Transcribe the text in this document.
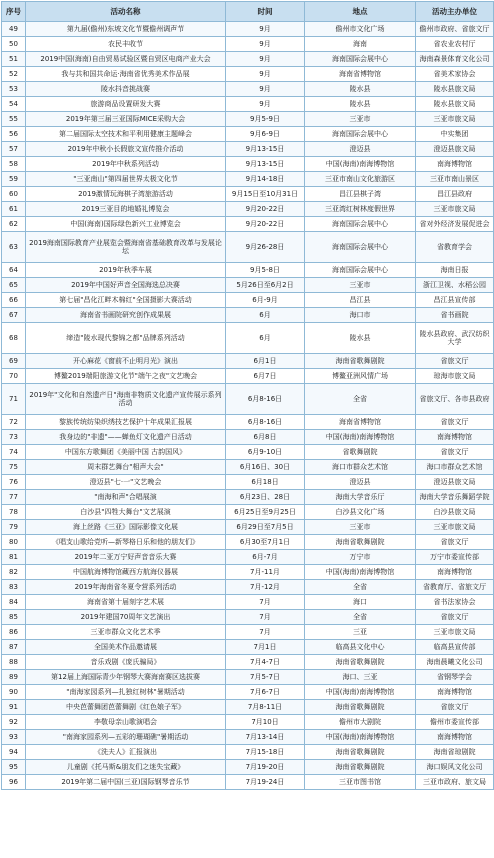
序号	活动名称	时间	地点	活动主办单位
49	第九届(儋州)东坡文化节暨儋州调声节	9月	儋州市文化广场	儋州市政府、省旅文厅
50	农民丰收节	9月	海南	省农业农村厅
51	2019中国(海南)自由贸易试验区暨自贸区电商产业大会	9月	海南国际会展中心	海南森景体育文化公司
52	我与共和国共命运·海南省优秀美术作品展	9月	海南省博物馆	省美术家协会
53	陵水抖音挑战赛	9月	陵水县	陵水县旅文局
54	旅游商品设置研发大赛	9月	陵水县	陵水县旅文局
55	2019年第三届三亚国际MICE采购大会	9月5-9日	三亚市	三亚市旅文局
56	第二届国际太空技术和平利用健康主题峰会	9月6-9日	海南国际会展中心	中实集团
57	2019年中秋小长假旅文宣传推介活动	9月13-15日	澄迈县	澄迈县旅文局
58	2019年中秋系列活动	9月13-15日	中国(海南)南海博物馆	南海博物馆
59	"三亚南山"第四届世界太极文化节	9月14-18日	三亚市南山文化旅游区	三亚市南山景区
60	2019激情玩海棋子湾旅游活动	9月15日至10月31日	昌江县棋子湾	昌江县政府
61	2019三亚目的地婚礼博览会	9月20-22日	三亚湾红树林度假世界	三亚市旅文局
62	中国(海南)国际绿色新兴工业博览会	9月20-22日	海南国际会展中心	省对外经济发展促进会
63	2019海南国际教育产业展览会暨海南省基础教育改革与发展论坛	9月26-28日	海南国际会展中心	省教育学会
64	2019年秋季车展	9月5-8日	海南国际会展中心	海南日报
65	2019年中国好声音全国海选总决赛	5月26日至6月2日	三亚市	浙江卫视、水稻公园
66	第七届"昌化江畔木棉红"全国摄影大赛活动	6月-9月	昌江县	昌江县宣传部
67	海南省书画院研究创作成果展	6月	海口市	省书画院
68	缔造"陵水现代黎锦之都"品牌系列活动	6月	陵水县	陵水县政府、武汉纺织大学
69	开心麻花《窗前不止明月光》演出	6月1日	海南省歌舞剧院	省旅文厅
70	博鳌2019端阳旅游文化节"端午之夜"文艺晚会	6月7日	博鳌亚洲风情广场	琼海市旅文局
71	2019年"文化和自然遗产日"海南非物质文化遗产宣传展示系列活动	6月8-16日	全省	省旅文厅、各市县政府
72	黎族传统纺染织绣技艺保护十年成果汇报展	6月8-16日	海南省博物馆	省旅文厅
73	我身边的"非遗"——蝉鱼灯文化遗产日活动	6月8日	中国(海南)南海博物馆	南海博物馆
74	中国东方歌舞团《美丽中国 古韵国风》	6月9-10日	省歌舞剧院	省旅文厅
75	周末群艺舞台"相声大会"	6月16日、30日	海口市群众艺术馆	海口市群众艺术馆
76	澄迈县"七·一"文艺晚会	6月18日	澄迈县	澄迈县旅文局
77	"南海和声"合唱展演	6月23日、28日	海南大学音乐厅	海南大学音乐舞蹈学院
78	白沙县"四牲大舞台"文艺展演	6月25日至9月25日	白沙县文化广场	白沙县旅文局
79	海上丝路《三亚》国际影像文化展	6月29日至7月5日	三亚市	三亚市旅文局
80	《唱支山歌给党听—新琴格日乐和他的朋友们》	6月30至7月1日	海南省歌舞剧院	省旅文厅
81	2019年二亚万宁好声音音乐大赛	6月-7月	万宁市	万宁市委宣传部
82	中国航海博物馆藏西方航海仪器展	7月-11月	中国(海南)南海博物馆	南海博物馆
83	2019年海南省冬夏令营系列活动	7月-12月	全省	省教育厅、省旅文厅
84	海南省第十届刻字艺术展	7月	海口	省书法家协会
85	2019年建国70周年文艺演出	7月	全省	省旅文厅
86	三亚市群众文化艺术季	7月	三亚	三亚市旅文局
87	全国美术作品邀请展	7月1日	临高县文化中心	临高县宣传部
88	音乐戏剧《庞氏骗局》	7月4-7日	海南省歌舞剧院	海南晨曦文化公司
89	第12届上海国际青少年钢琴大赛海南赛区选拔赛	7月5-7日	海口、三亚	省钢琴学会
90	"南海家园系列—扎独红树林"暑期活动	7月6-7日	中国(海南)南海博物馆	南海博物馆
91	中央芭蕾舞团芭蕾舞剧《红色娘子军》	7月8-11日	海南省歌舞剧院	省旅文厅
92	李敬母亲山歌演唱会	7月10日	儋州市大剧院	儋州市委宣传部
93	"南海家园系列—五彩的珊瑚礁"暑期活动	7月13-14日	中国(海南)南海博物馆	南海博物馆
94	《洗夫人》汇报演出	7月15-18日	海南省歌舞剧院	海南省琼剧院
95	儿童剧《托马斯&朋友们之迷失宝藏》	7月19-20日	海南省歌舞剧院	海口娱风文化公司
96	2019年第二届中国(三亚)国际钢琴音乐节	7月19-24日	三亚市图书馆	三亚市政府、旅文局
